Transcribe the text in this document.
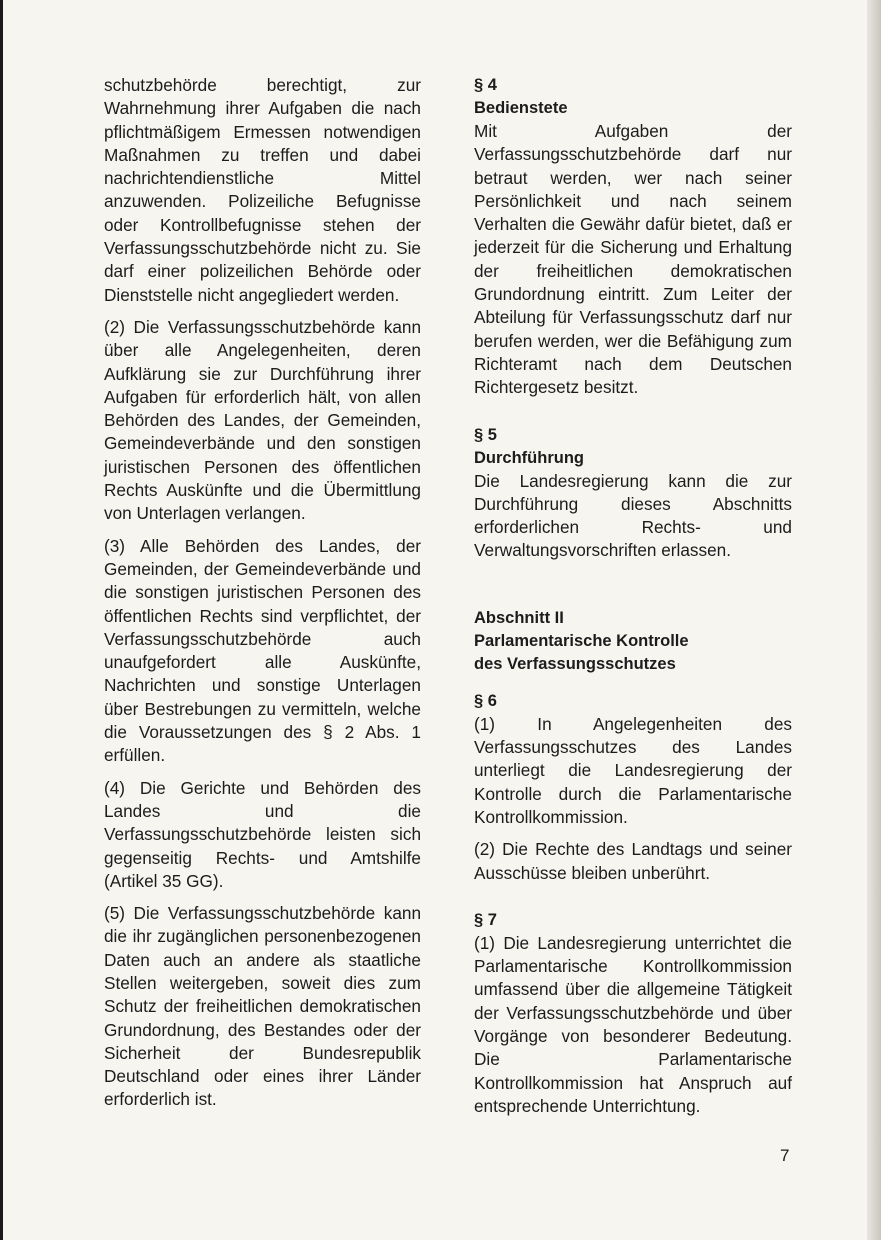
schutzbehörde berechtigt, zur Wahrnehmung ihrer Aufgaben die nach pflichtmäßigem Ermessen notwendigen Maßnahmen zu treffen und dabei nachrichtendienstliche Mittel anzuwenden. Polizeiliche Befugnisse oder Kontrollbefugnisse stehen der Verfassungsschutzbehörde nicht zu. Sie darf einer polizeilichen Behörde oder Dienststelle nicht angegliedert werden.

(2) Die Verfassungsschutzbehörde kann über alle Angelegenheiten, deren Aufklärung sie zur Durchführung ihrer Aufgaben für erforderlich hält, von allen Behörden des Landes, der Gemeinden, Gemeindeverbände und den sonstigen juristischen Personen des öffentlichen Rechts Auskünfte und die Übermittlung von Unterlagen verlangen.

(3) Alle Behörden des Landes, der Gemeinden, der Gemeindeverbände und die sonstigen juristischen Personen des öffentlichen Rechts sind verpflichtet, der Verfassungsschutzbehörde auch unaufgefordert alle Auskünfte, Nachrichten und sonstige Unterlagen über Bestrebungen zu vermitteln, welche die Voraussetzungen des § 2 Abs. 1 erfüllen.

(4) Die Gerichte und Behörden des Landes und die Verfassungsschutzbehörde leisten sich gegenseitig Rechts- und Amtshilfe (Artikel 35 GG).

(5) Die Verfassungsschutzbehörde kann die ihr zugänglichen personenbezogenen Daten auch an andere als staatliche Stellen weitergeben, soweit dies zum Schutz der freiheitlichen demokratischen Grundordnung, des Bestandes oder der Sicherheit der Bundesrepublik Deutschland oder eines ihrer Länder erforderlich ist.

§ 4
Bedienstete

Mit Aufgaben der Verfassungsschutzbehörde darf nur betraut werden, wer nach seiner Persönlichkeit und nach seinem Verhalten die Gewähr dafür bietet, daß er jederzeit für die Sicherung und Erhaltung der freiheitlichen demokratischen Grundordnung eintritt. Zum Leiter der Abteilung für Verfassungsschutz darf nur berufen werden, wer die Befähigung zum Richteramt nach dem Deutschen Richtergesetz besitzt.

§ 5
Durchführung

Die Landesregierung kann die zur Durchführung dieses Abschnitts erforderlichen Rechts- und Verwaltungsvorschriften erlassen.

Abschnitt II
Parlamentarische Kontrolle
des Verfassungsschutzes
§ 6

(1) In Angelegenheiten des Verfassungsschutzes des Landes unterliegt die Landesregierung der Kontrolle durch die Parlamentarische Kontrollkommission.

(2) Die Rechte des Landtags und seiner Ausschüsse bleiben unberührt.

§ 7

(1) Die Landesregierung unterrichtet die Parlamentarische Kontrollkommission umfassend über die allgemeine Tätigkeit der Verfassungsschutzbehörde und über Vorgänge von besonderer Bedeutung. Die Parlamentarische Kontrollkommission hat Anspruch auf entsprechende Unterrichtung.

7
